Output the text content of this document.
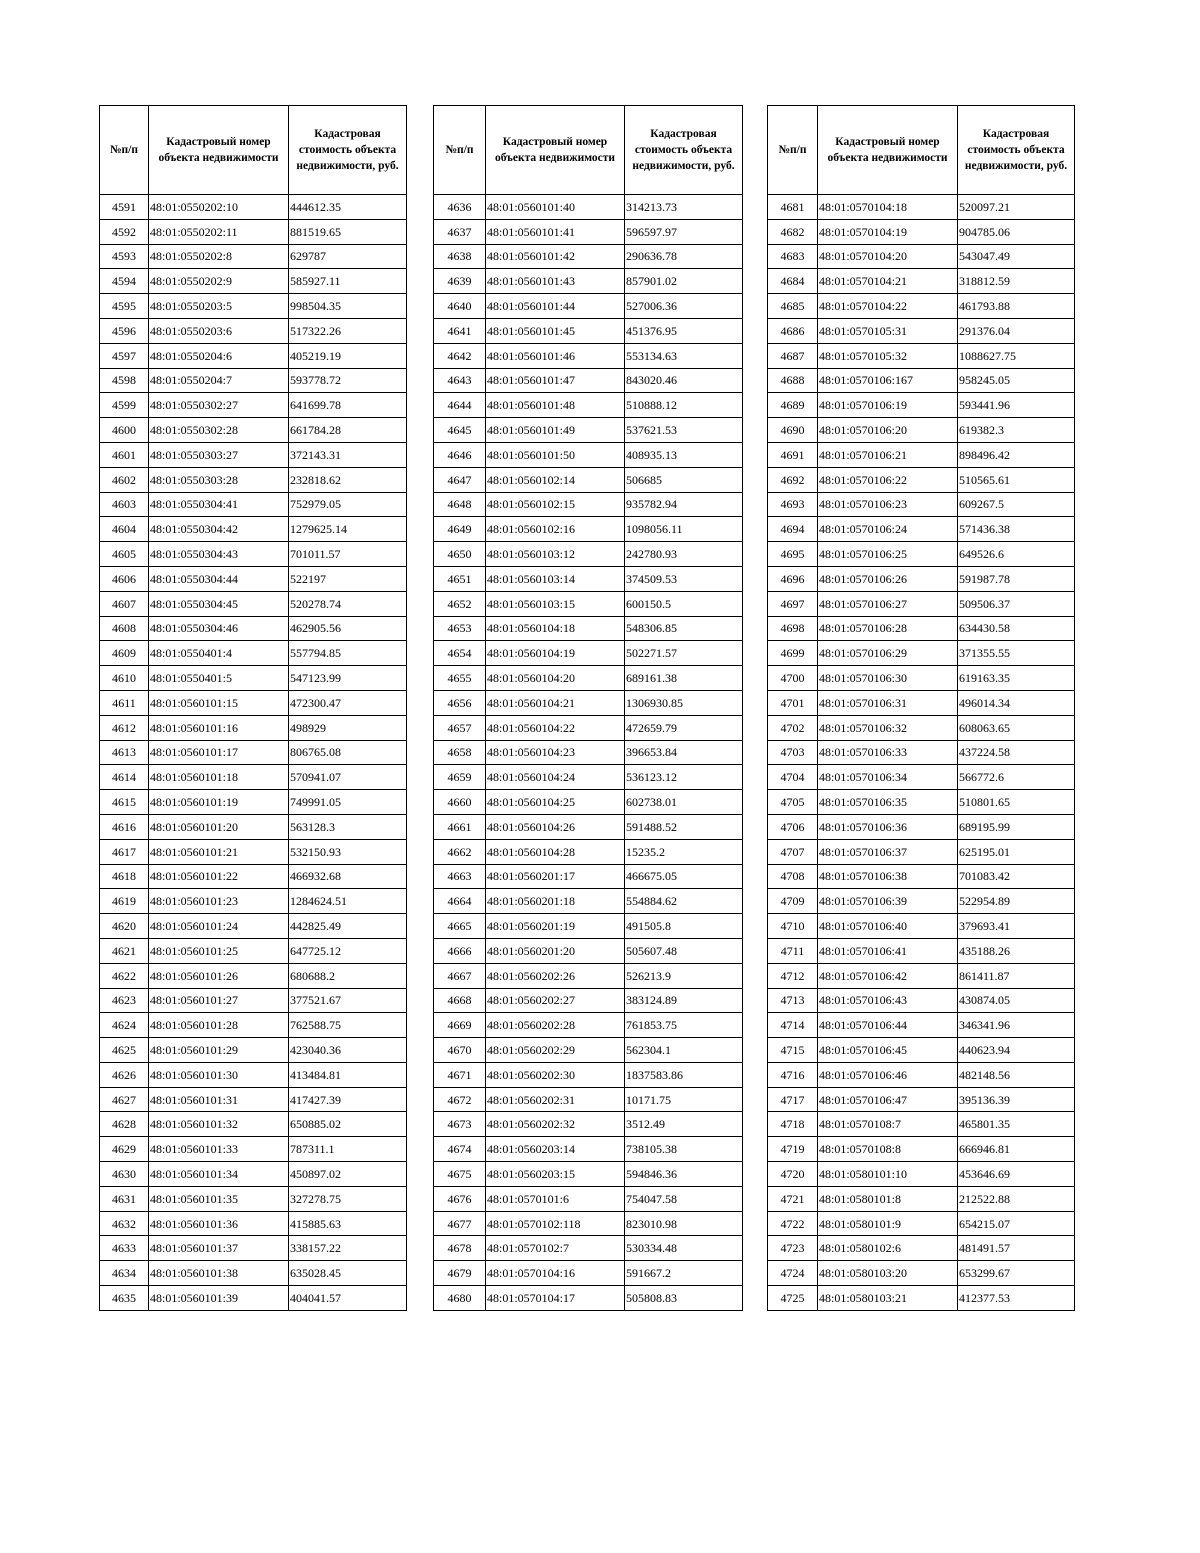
№п/п	Кадастровый номер объекта недвижимости	Кадастровая стоимость объекта недвижимости, руб.
4591	48:01:0550202:10	444612.35
4592	48:01:0550202:11	881519.65
4593	48:01:0550202:8	629787
4594	48:01:0550202:9	585927.11
4595	48:01:0550203:5	998504.35
4596	48:01:0550203:6	517322.26
4597	48:01:0550204:6	405219.19
4598	48:01:0550204:7	593778.72
4599	48:01:0550302:27	641699.78
4600	48:01:0550302:28	661784.28
4601	48:01:0550303:27	372143.31
4602	48:01:0550303:28	232818.62
4603	48:01:0550304:41	752979.05
4604	48:01:0550304:42	1279625.14
4605	48:01:0550304:43	701011.57
4606	48:01:0550304:44	522197
4607	48:01:0550304:45	520278.74
4608	48:01:0550304:46	462905.56
4609	48:01:0550401:4	557794.85
4610	48:01:0550401:5	547123.99
4611	48:01:0560101:15	472300.47
4612	48:01:0560101:16	498929
4613	48:01:0560101:17	806765.08
4614	48:01:0560101:18	570941.07
4615	48:01:0560101:19	749991.05
4616	48:01:0560101:20	563128.3
4617	48:01:0560101:21	532150.93
4618	48:01:0560101:22	466932.68
4619	48:01:0560101:23	1284624.51
4620	48:01:0560101:24	442825.49
4621	48:01:0560101:25	647725.12
4622	48:01:0560101:26	680688.2
4623	48:01:0560101:27	377521.67
4624	48:01:0560101:28	762588.75
4625	48:01:0560101:29	423040.36
4626	48:01:0560101:30	413484.81
4627	48:01:0560101:31	417427.39
4628	48:01:0560101:32	650885.02
4629	48:01:0560101:33	787311.1
4630	48:01:0560101:34	450897.02
4631	48:01:0560101:35	327278.75
4632	48:01:0560101:36	415885.63
4633	48:01:0560101:37	338157.22
4634	48:01:0560101:38	635028.45
4635	48:01:0560101:39	404041.57
№п/п	Кадастровый номер объекта недвижимости	Кадастровая стоимость объекта недвижимости, руб.
4636	48:01:0560101:40	314213.73
4637	48:01:0560101:41	596597.97
4638	48:01:0560101:42	290636.78
4639	48:01:0560101:43	857901.02
4640	48:01:0560101:44	527006.36
4641	48:01:0560101:45	451376.95
4642	48:01:0560101:46	553134.63
4643	48:01:0560101:47	843020.46
4644	48:01:0560101:48	510888.12
4645	48:01:0560101:49	537621.53
4646	48:01:0560101:50	408935.13
4647	48:01:0560102:14	506685
4648	48:01:0560102:15	935782.94
4649	48:01:0560102:16	1098056.11
4650	48:01:0560103:12	242780.93
4651	48:01:0560103:14	374509.53
4652	48:01:0560103:15	600150.5
4653	48:01:0560104:18	548306.85
4654	48:01:0560104:19	502271.57
4655	48:01:0560104:20	689161.38
4656	48:01:0560104:21	1306930.85
4657	48:01:0560104:22	472659.79
4658	48:01:0560104:23	396653.84
4659	48:01:0560104:24	536123.12
4660	48:01:0560104:25	602738.01
4661	48:01:0560104:26	591488.52
4662	48:01:0560104:28	15235.2
4663	48:01:0560201:17	466675.05
4664	48:01:0560201:18	554884.62
4665	48:01:0560201:19	491505.8
4666	48:01:0560201:20	505607.48
4667	48:01:0560202:26	526213.9
4668	48:01:0560202:27	383124.89
4669	48:01:0560202:28	761853.75
4670	48:01:0560202:29	562304.1
4671	48:01:0560202:30	1837583.86
4672	48:01:0560202:31	10171.75
4673	48:01:0560202:32	3512.49
4674	48:01:0560203:14	738105.38
4675	48:01:0560203:15	594846.36
4676	48:01:0570101:6	754047.58
4677	48:01:0570102:118	823010.98
4678	48:01:0570102:7	530334.48
4679	48:01:0570104:16	591667.2
4680	48:01:0570104:17	505808.83
№п/п	Кадастровый номер объекта недвижимости	Кадастровая стоимость объекта недвижимости, руб.
4681	48:01:0570104:18	520097.21
4682	48:01:0570104:19	904785.06
4683	48:01:0570104:20	543047.49
4684	48:01:0570104:21	318812.59
4685	48:01:0570104:22	461793.88
4686	48:01:0570105:31	291376.04
4687	48:01:0570105:32	1088627.75
4688	48:01:0570106:167	958245.05
4689	48:01:0570106:19	593441.96
4690	48:01:0570106:20	619382.3
4691	48:01:0570106:21	898496.42
4692	48:01:0570106:22	510565.61
4693	48:01:0570106:23	609267.5
4694	48:01:0570106:24	571436.38
4695	48:01:0570106:25	649526.6
4696	48:01:0570106:26	591987.78
4697	48:01:0570106:27	509506.37
4698	48:01:0570106:28	634430.58
4699	48:01:0570106:29	371355.55
4700	48:01:0570106:30	619163.35
4701	48:01:0570106:31	496014.34
4702	48:01:0570106:32	608063.65
4703	48:01:0570106:33	437224.58
4704	48:01:0570106:34	566772.6
4705	48:01:0570106:35	510801.65
4706	48:01:0570106:36	689195.99
4707	48:01:0570106:37	625195.01
4708	48:01:0570106:38	701083.42
4709	48:01:0570106:39	522954.89
4710	48:01:0570106:40	379693.41
4711	48:01:0570106:41	435188.26
4712	48:01:0570106:42	861411.87
4713	48:01:0570106:43	430874.05
4714	48:01:0570106:44	346341.96
4715	48:01:0570106:45	440623.94
4716	48:01:0570106:46	482148.56
4717	48:01:0570106:47	395136.39
4718	48:01:0570108:7	465801.35
4719	48:01:0570108:8	666946.81
4720	48:01:0580101:10	453646.69
4721	48:01:0580101:8	212522.88
4722	48:01:0580101:9	654215.07
4723	48:01:0580102:6	481491.57
4724	48:01:0580103:20	653299.67
4725	48:01:0580103:21	412377.53
